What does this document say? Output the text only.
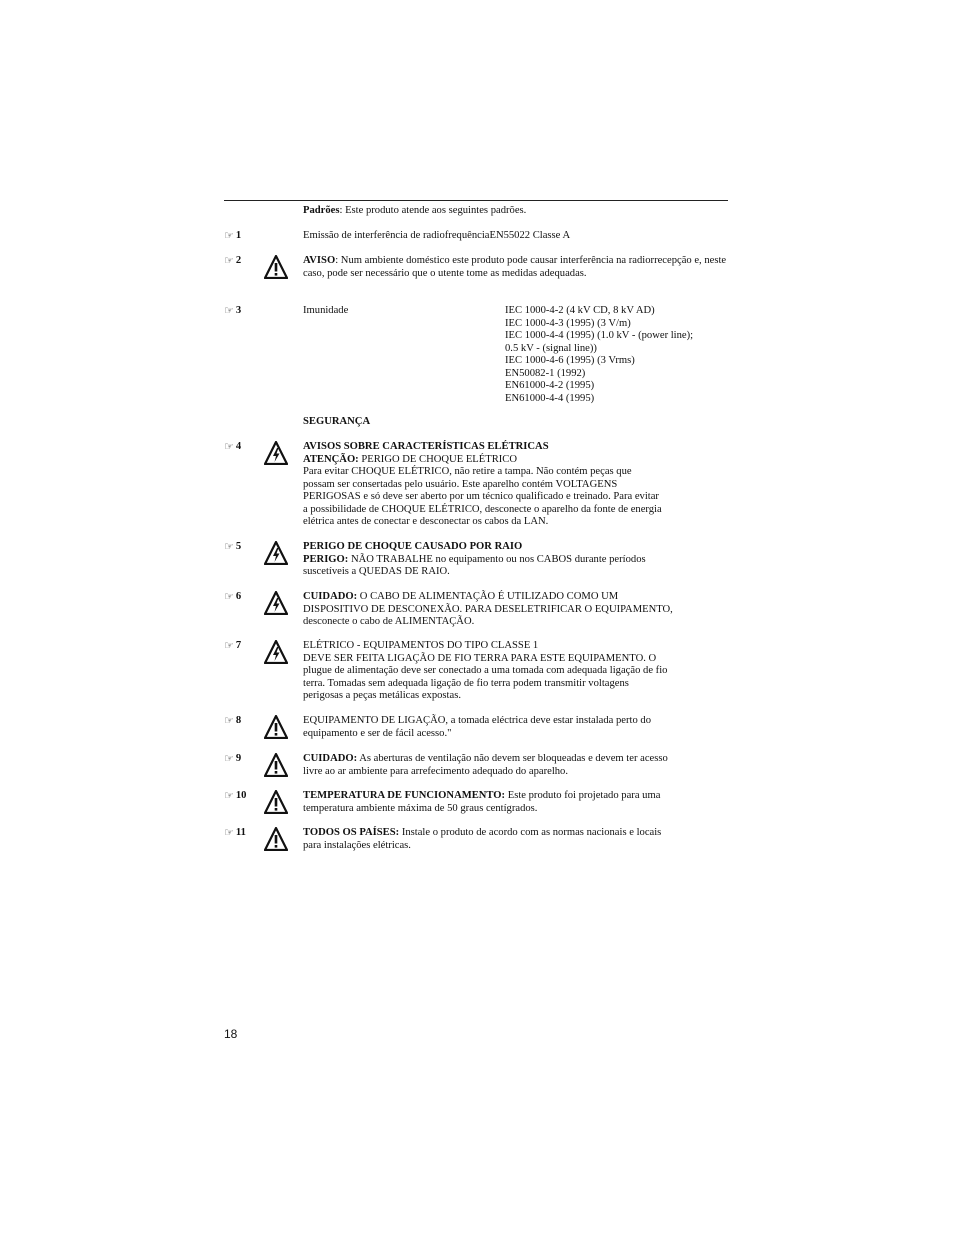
Padrões: Este produto atende aos seguintes padrões.
☞ 1	Emissão de interferência de radiofrequênciaEN55022 Classe A
☞ 2	AVISO: Num ambiente doméstico este produto pode causar interferência na radiorrecepção e, neste caso, pode ser necessário que o utente tome as medidas adequadas.
☞ 3	Imunidade	IEC 1000-4-2 (4 kV CD, 8 kV AD)
IEC 1000-4-3 (1995) (3 V/m)
IEC 1000-4-4 (1995) (1.0 kV - (power line);
0.5 kV - (signal line))
IEC 1000-4-6 (1995) (3 Vrms)
EN50082-1 (1992)
EN61000-4-2 (1995)
EN61000-4-4 (1995)
SEGURANÇA
☞ 4	AVISOS SOBRE CARACTERÍSTICAS ELÉTRICAS
ATENÇÃO: PERIGO DE CHOQUE ELÉTRICO
Para evitar CHOQUE ELÉTRICO, não retire a tampa. Não contém peças que
possam ser consertadas pelo usuário. Este aparelho contém VOLTAGENS
PERIGOSAS e só deve ser aberto por um técnico qualificado e treinado. Para evitar
a possibilidade de CHOQUE ELÉTRICO, desconecte o aparelho da fonte de energia
elétrica antes de conectar e desconectar os cabos da LAN.
☞ 5	PERIGO DE CHOQUE CAUSADO POR RAIO
PERIGO: NÃO TRABALHE no equipamento ou nos CABOS durante períodos
suscetíveis a QUEDAS DE RAIO.
☞ 6	CUIDADO: O CABO DE ALIMENTAÇÃO É UTILIZADO COMO UM
DISPOSITIVO DE DESCONEXÃO. PARA DESELETRIFICAR O EQUIPAMENTO,
desconecte o cabo de ALIMENTAÇÃO.
☞ 7	ELÉTRICO - EQUIPAMENTOS DO TIPO CLASSE 1
DEVE SER FEITA LIGAÇÃO DE FIO TERRA PARA ESTE EQUIPAMENTO. O
plugue de alimentação deve ser conectado a uma tomada com adequada ligação de fio
terra. Tomadas sem adequada ligação de fio terra podem transmitir voltagens
perigosas a peças metálicas expostas.
☞ 8	EQUIPAMENTO DE LIGAÇÃO, a tomada eléctrica deve estar instalada perto do
equipamento e ser de fácil acesso."
☞ 9	CUIDADO: As aberturas de ventilação não devem ser bloqueadas e devem ter acesso
livre ao ar ambiente para arrefecimento adequado do aparelho.
☞ 10	TEMPERATURA DE FUNCIONAMENTO: Este produto foi projetado para uma
temperatura ambiente máxima de 50 graus centígrados.
☞ 11	TODOS OS PAÍSES: Instale o produto de acordo com as normas nacionais e locais
para instalações elétricas.
18
